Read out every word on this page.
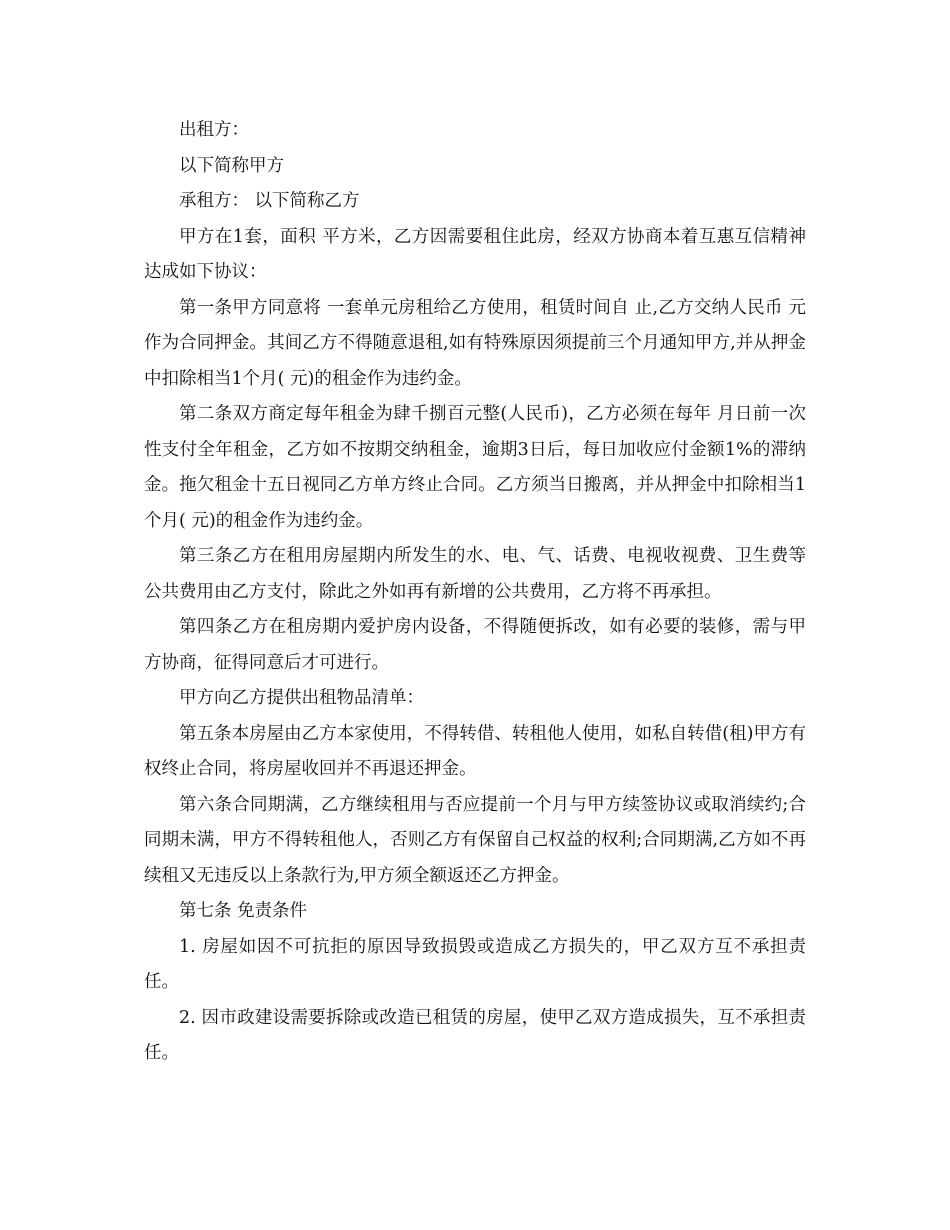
出租方：

以下简称甲方

承租方： 以下简称乙方

甲方在1套，面积 平方米，乙方因需要租住此房，经双方协商本着互惠互信精神达成如下协议：

第一条甲方同意将 一套单元房租给乙方使用，租赁时间自 止,乙方交纳人民币 元作为合同押金。其间乙方不得随意退租,如有特殊原因须提前三个月通知甲方,并从押金中扣除相当1个月( 元)的租金作为违约金。

第二条双方商定每年租金为肆千捌百元整(人民币)，乙方必须在每年 月日前一次性支付全年租金，乙方如不按期交纳租金，逾期3日后，每日加收应付金额1%的滞纳金。拖欠租金十五日视同乙方单方终止合同。乙方须当日搬离，并从押金中扣除相当1个月( 元)的租金作为违约金。

第三条乙方在租用房屋期内所发生的水、电、气、话费、电视收视费、卫生费等公共费用由乙方支付，除此之外如再有新增的公共费用，乙方将不再承担。

第四条乙方在租房期内爱护房内设备，不得随便拆改，如有必要的装修，需与甲方协商，征得同意后才可进行。

甲方向乙方提供出租物品清单：

第五条本房屋由乙方本家使用，不得转借、转租他人使用，如私自转借(租)甲方有权终止合同，将房屋收回并不再退还押金。

第六条合同期满，乙方继续租用与否应提前一个月与甲方续签协议或取消续约;合同期未满，甲方不得转租他人，否则乙方有保留自己权益的权利;合同期满,乙方如不再续租又无违反以上条款行为,甲方须全额返还乙方押金。

第七条 免责条件

1. 房屋如因不可抗拒的原因导致损毁或造成乙方损失的，甲乙双方互不承担责任。

2. 因市政建设需要拆除或改造已租赁的房屋，使甲乙双方造成损失，互不承担责任。
